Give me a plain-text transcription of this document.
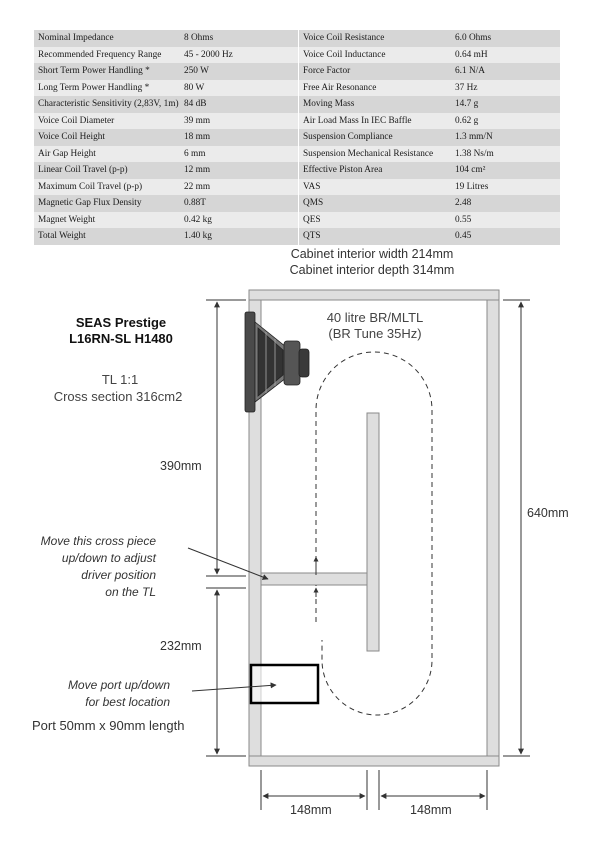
Nominal Impedance	8 Ohms	Voice Coil Resistance	6.0 Ohms
Recommended Frequency Range	45 - 2000 Hz	Voice Coil Inductance	0.64 mH
Short Term Power Handling *	250 W	Force Factor	6.1 N/A
Long Term Power Handling *	80 W	Free Air Resonance	37 Hz
Characteristic Sensitivity (2,83V, 1m)	84 dB	Moving Mass	14.7 g
Voice Coil Diameter	39 mm	Air Load Mass In IEC Baffle	0.62 g
Voice Coil Height	18 mm	Suspension Compliance	1.3 mm/N
Air Gap Height	6 mm	Suspension Mechanical Resistance	1.38 Ns/m
Linear Coil Travel (p-p)	12 mm	Effective Piston Area	104 cm²
Maximum Coil Travel (p-p)	22 mm	VAS	19 Litres
Magnetic Gap Flux Density	0.88T	QMS	2.48
Magnet Weight	0.42 kg	QES	0.55
Total Weight	1.40 kg	QTS	0.45
Cabinet interior width 214mm
Cabinet interior depth 314mm
SEAS Prestige
L16RN-SL H1480
TL 1:1
Cross section 316cm2
40 litre BR/MLTL
(BR Tune 35Hz)
390mm
640mm
232mm
148mm	148mm
Move this cross piece
up/down to adjust
driver position
on the TL
Move port up/down
for best location
Port 50mm x 90mm length
